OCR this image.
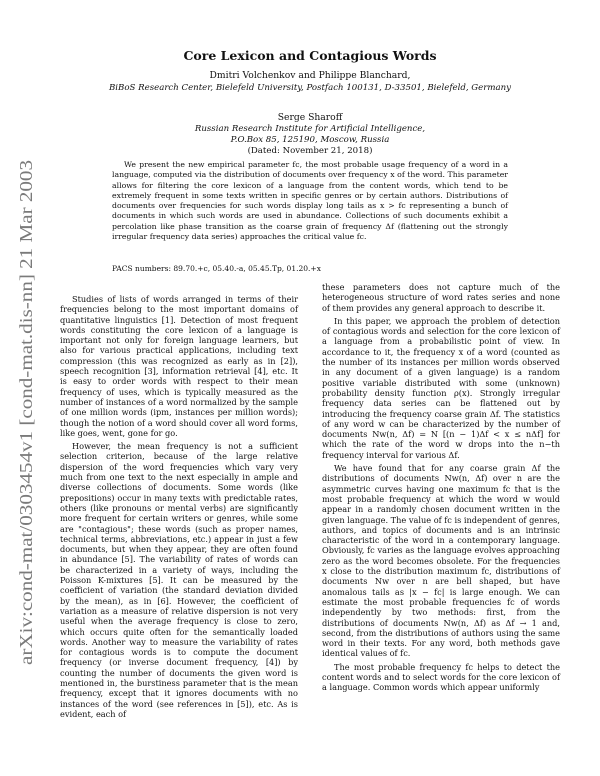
arXiv:cond-mat/0303454v1 [cond-mat.dis-nn] 21 Mar 2003
Core Lexicon and Contagious Words
Dmitri Volchenkov and Philippe Blanchard,
BiBoS Research Center, Bielefeld University, Postfach 100131, D-33501, Bielefeld, Germany
Serge Sharoff
Russian Research Institute for Artificial Intelligence,
P.O.Box 85, 125190, Moscow, Russia
(Dated: November 21, 2018)

We present the new empirical parameter fc, the most probable usage frequency of a word in a language, computed via the distribution of documents over frequency x of the word. This parameter allows for filtering the core lexicon of a language from the content words, which tend to be extremely frequent in some texts written in specific genres or by certain authors. Distributions of documents over frequencies for such words display long tails as x > fc representing a bunch of documents in which such words are used in abundance. Collections of such documents exhibit a percolation like phase transition as the coarse grain of frequency Δf (flattening out the strongly irregular frequency data series) approaches the critical value fc.

PACS numbers: 89.70.+c, 05.40.-a, 05.45.Tp, 01.20.+x

Studies of lists of words arranged in terms of their frequencies belong to the most important domains of quantitative linguistics [1]. Detection of most frequent words constituting the core lexicon of a language is important not only for foreign language learners, but also for various practical applications, including text compression (this was recognized as early as in [2]), speech recognition [3], information retrieval [4], etc. It is easy to order words with respect to their mean frequency of uses, which is typically measured as the number of instances of a word normalized by the sample of one million words (ipm, instances per million words); though the notion of a word should cover all word forms, like goes, went, gone for go.

However, the mean frequency is not a sufficient selection criterion, because of the large relative dispersion of the word frequencies which vary very much from one text to the next especially in ample and diverse collections of documents. Some words (like prepositions) occur in many texts with predictable rates, others (like pronouns or mental verbs) are significantly more frequent for certain writers or genres, while some are "contagious"; these words (such as proper names, technical terms, abbreviations, etc.) appear in just a few documents, but when they appear, they are often found in abundance [5]. The variability of rates of words can be characterized in a variety of ways, including the Poisson K-mixtures [5]. It can be measured by the coefficient of variation (the standard deviation divided by the mean), as in [6]. However, the coefficient of variation as a measure of relative dispersion is not very useful when the average frequency is close to zero, which occurs quite often for the semantically loaded words. Another way to measure the variability of rates for contagious words is to compute the document frequency (or inverse document frequency, [4]) by counting the number of documents the given word is mentioned in, the burstiness parameter that is the mean frequency, except that it ignores documents with no instances of the word (see references in [5]), etc. As is evident, each of

these parameters does not capture much of the heterogeneous structure of word rates series and none of them provides any general approach to describe it.

In this paper, we approach the problem of detection of contagious words and selection for the core lexicon of a language from a probabilistic point of view. In accordance to it, the frequency x of a word (counted as the number of its instances per million words observed in any document of a given language) is a random positive variable distributed with some (unknown) probability density function ρ(x). Strongly irregular frequency data series can be flattened out by introducing the frequency coarse grain Δf. The statistics of any word w can be characterized by the number of documents Nw(n, Δf) = N [(n − 1)Δf < x ≤ nΔf] for which the rate of the word w drops into the n−th frequency interval for various Δf.

We have found that for any coarse grain Δf the distributions of documents Nw(n, Δf) over n are the asymmetric curves having one maximum fc that is the most probable frequency at which the word w would appear in a randomly chosen document written in the given language. The value of fc is independent of genres, authors, and topics of documents and is an intrinsic characteristic of the word in a contemporary language. Obviously, fc varies as the language evolves approaching zero as the word becomes obsolete. For the frequencies x close to the distribution maximum fc, distributions of documents Nw over n are bell shaped, but have anomalous tails as |x − fc| is large enough. We can estimate the most probable frequencies fc of words independently by two methods: first, from the distributions of documents Nw(n, Δf) as Δf → 1 and, second, from the distributions of authors using the same word in their texts. For any word, both methods gave identical values of fc.

The most probable frequency fc helps to detect the content words and to select words for the core lexicon of a language. Common words which appear uniformly
